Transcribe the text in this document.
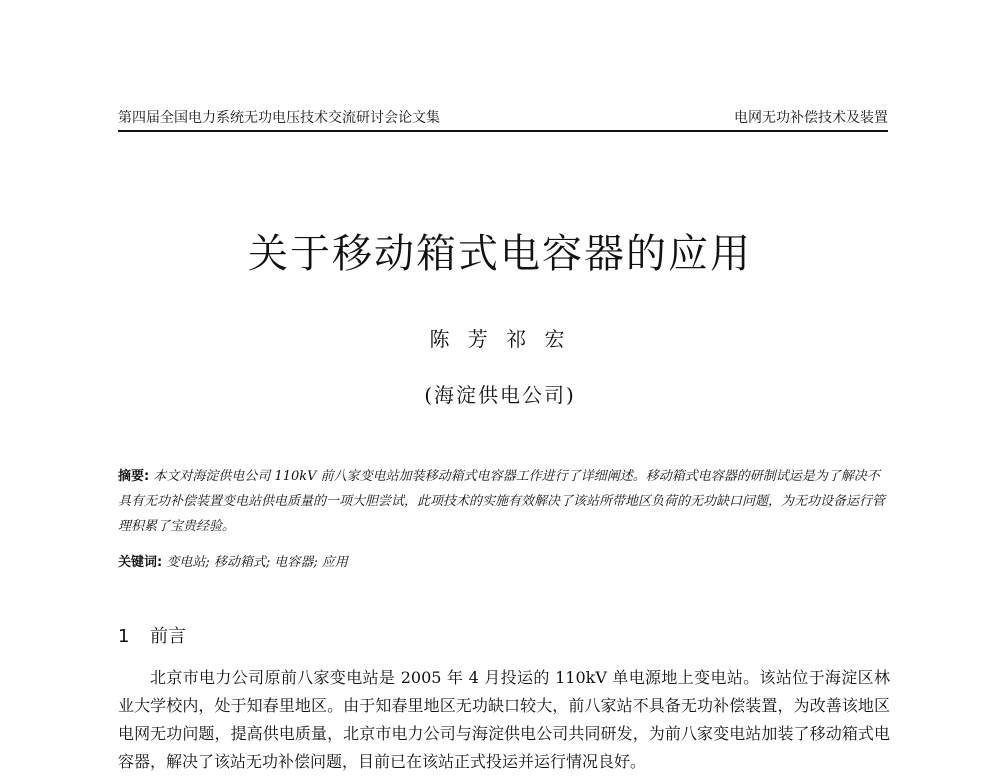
第四届全国电力系统无功电压技术交流研讨会论文集	电网无功补偿技术及装置
关于移动箱式电容器的应用
陈 芳 祁 宏
(海淀供电公司)
摘要: 本文对海淀供电公司 110kV 前八家变电站加装移动箱式电容器工作进行了详细阐述。移动箱式电容器的研制试运是为了解决不具有无功补偿装置变电站供电质量的一项大胆尝试，此项技术的实施有效解决了该站所带地区负荷的无功缺口问题，为无功设备运行管理积累了宝贵经验。
关键词: 变电站; 移动箱式; 电容器; 应用
1 前言
北京市电力公司原前八家变电站是 2005 年 4 月投运的 110kV 单电源地上变电站。该站位于海淀区林业大学校内，处于知春里地区。由于知春里地区无功缺口较大，前八家站不具备无功补偿装置，为改善该地区电网无功问题，提高供电质量，北京市电力公司与海淀供电公司共同研发，为前八家变电站加装了移动箱式电容器，解决了该站无功补偿问题，目前已在该站正式投运并运行情况良好。
